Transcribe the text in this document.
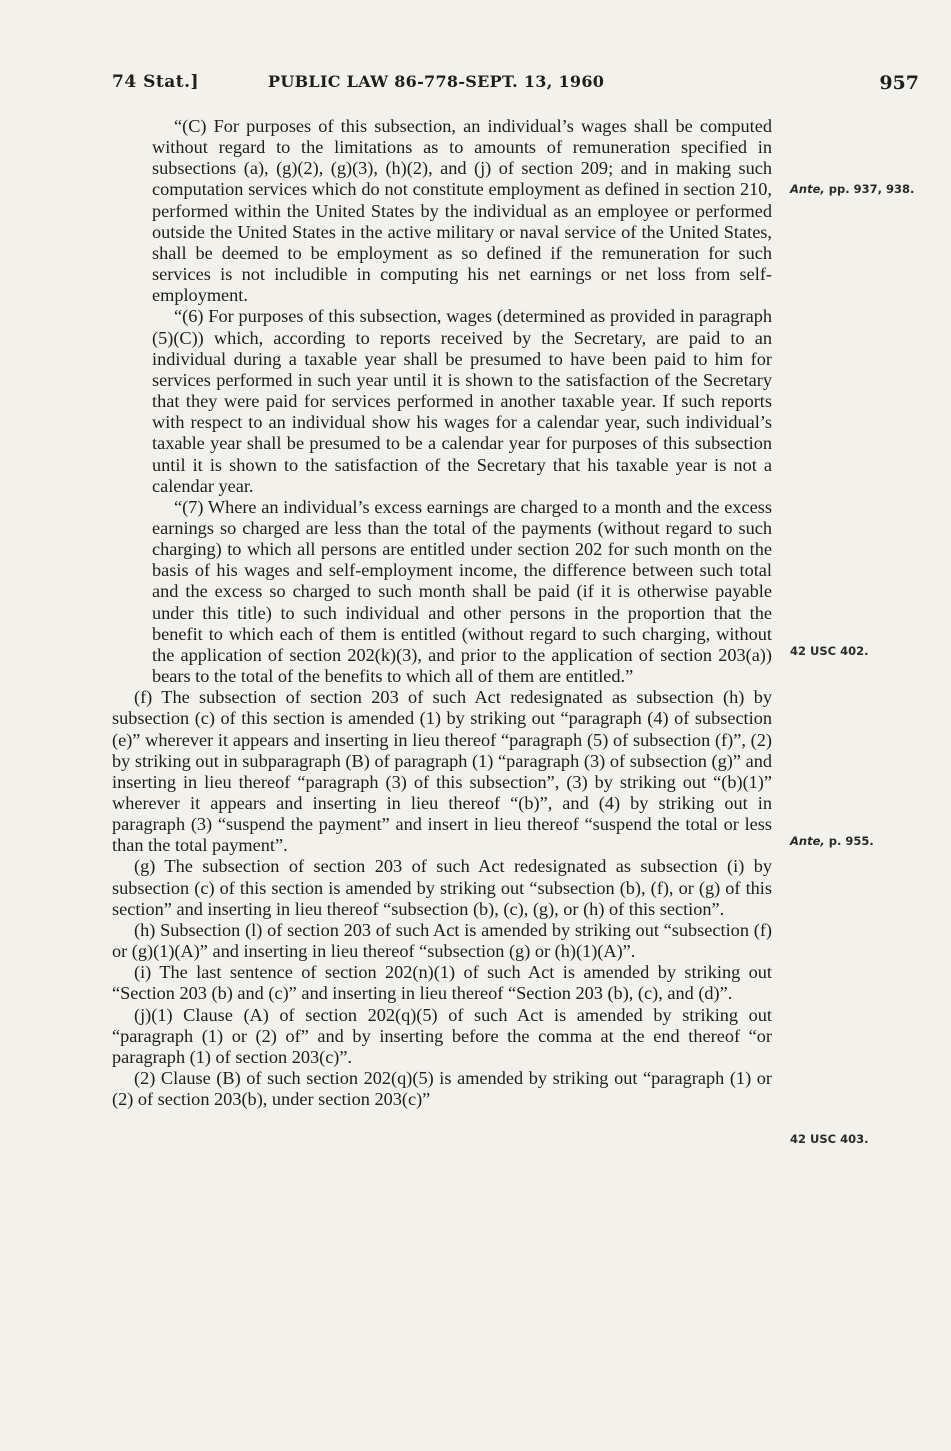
74 Stat.]	PUBLIC LAW 86-778-SEPT. 13, 1960	957

“(C) For purposes of this subsection, an individual’s wages shall be computed without regard to the limitations as to amounts of remuneration specified in subsections (a), (g)(2), (g)(3), (h)(2), and (j) of section 209; and in making such computation services which do not constitute employment as defined in section 210, performed within the United States by the individual as an employee or performed outside the United States in the active military or naval service of the United States, shall be deemed to be employment as so defined if the remuneration for such services is not includible in computing his net earnings or net loss from self-employment.

“(6) For purposes of this subsection, wages (determined as provided in paragraph (5)(C)) which, according to reports received by the Secretary, are paid to an individual during a taxable year shall be presumed to have been paid to him for services performed in such year until it is shown to the satisfaction of the Secretary that they were paid for services performed in another taxable year. If such reports with respect to an individual show his wages for a calendar year, such individual’s taxable year shall be presumed to be a calendar year for purposes of this subsection until it is shown to the satisfaction of the Secretary that his taxable year is not a calendar year.

“(7) Where an individual’s excess earnings are charged to a month and the excess earnings so charged are less than the total of the payments (without regard to such charging) to which all persons are entitled under section 202 for such month on the basis of his wages and self-employment income, the difference between such total and the excess so charged to such month shall be paid (if it is otherwise payable under this title) to such individual and other persons in the proportion that the benefit to which each of them is entitled (without regard to such charging, without the application of section 202(k)(3), and prior to the application of section 203(a)) bears to the total of the benefits to which all of them are entitled.”

(f) The subsection of section 203 of such Act redesignated as subsection (h) by subsection (c) of this section is amended (1) by striking out “paragraph (4) of subsection (e)” wherever it appears and inserting in lieu thereof “paragraph (5) of subsection (f)”, (2) by striking out in subparagraph (B) of paragraph (1) “paragraph (3) of subsection (g)” and inserting in lieu thereof “paragraph (3) of this subsection”, (3) by striking out “(b)(1)” wherever it appears and inserting in lieu thereof “(b)”, and (4) by striking out in paragraph (3) “suspend the payment” and insert in lieu thereof “suspend the total or less than the total payment”.

(g) The subsection of section 203 of such Act redesignated as subsection (i) by subsection (c) of this section is amended by striking out “subsection (b), (f), or (g) of this section” and inserting in lieu thereof “subsection (b), (c), (g), or (h) of this section”.

(h) Subsection (l) of section 203 of such Act is amended by striking out “subsection (f) or (g)(1)(A)” and inserting in lieu thereof “subsection (g) or (h)(1)(A)”.

(i) The last sentence of section 202(n)(1) of such Act is amended by striking out “Section 203 (b) and (c)” and inserting in lieu thereof “Section 203 (b), (c), and (d)”.

(j)(1) Clause (A) of section 202(q)(5) of such Act is amended by striking out “paragraph (1) or (2) of” and by inserting before the comma at the end thereof “or paragraph (1) of section 203(c)”.

(2) Clause (B) of such section 202(q)(5) is amended by striking out “paragraph (1) or (2) of section 203(b), under section 203(c)”

Ante, pp. 937, 938.
42 USC 402.
Ante, p. 955.
42 USC 403.
